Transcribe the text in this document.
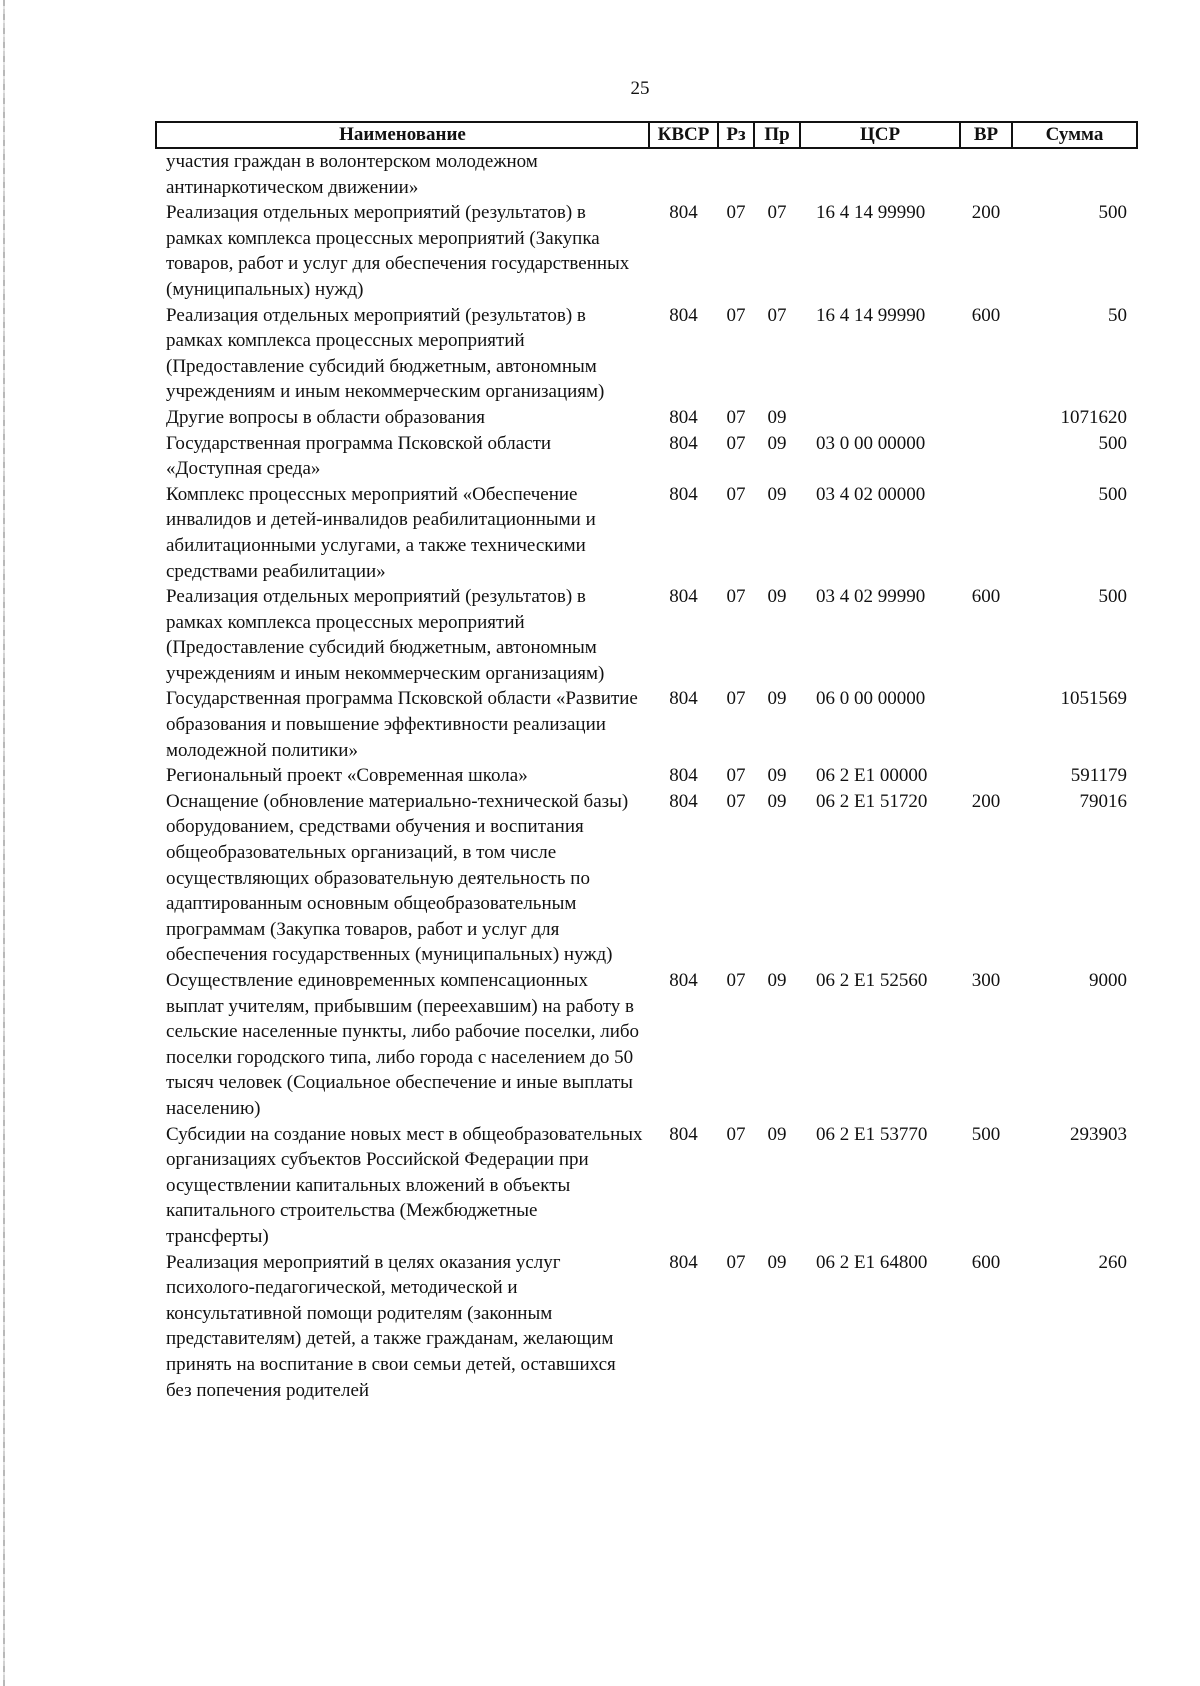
25
Наименование	КВСР	Рз	Пр	ЦСР	ВР	Сумма
участия граждан в волонтерском молодежном антинаркотическом движении»						
Реализация отдельных мероприятий (результатов) в рамках комплекса процессных мероприятий (Закупка товаров, работ и услуг для обеспечения государственных (муниципальных) нужд)	804	07	07	16 4 14 99990	200	500
Реализация отдельных мероприятий (результатов) в рамках комплекса процессных мероприятий (Предоставление субсидий бюджетным, автономным учреждениям и иным некоммерческим организациям)	804	07	07	16 4 14 99990	600	50
Другие вопросы в области образования	804	07	09			1071620
Государственная программа Псковской области «Доступная среда»	804	07	09	03 0 00 00000		500
Комплекс процессных мероприятий «Обеспечение инвалидов и детей-инвалидов реабилитационными и абилитационными услугами, а также техническими средствами реабилитации»	804	07	09	03 4 02 00000		500
Реализация отдельных мероприятий (результатов) в рамках комплекса процессных мероприятий (Предоставление субсидий бюджетным, автономным учреждениям и иным некоммерческим организациям)	804	07	09	03 4 02 99990	600	500
Государственная программа Псковской области «Развитие образования и повышение эффективности реализации молодежной политики»	804	07	09	06 0 00 00000		1051569
Региональный проект «Современная школа»	804	07	09	06 2 E1 00000		591179
Оснащение (обновление материально-технической базы) оборудованием, средствами обучения и воспитания общеобразовательных организаций, в том числе осуществляющих образовательную деятельность по адаптированным основным общеобразовательным программам (Закупка товаров, работ и услуг для обеспечения государственных (муниципальных) нужд)	804	07	09	06 2 E1 51720	200	79016
Осуществление единовременных компенсационных выплат учителям, прибывшим (переехавшим) на работу в сельские населенные пункты, либо рабочие поселки, либо поселки городского типа, либо города с населением до 50 тысяч человек (Социальное обеспечение и иные выплаты населению)	804	07	09	06 2 E1 52560	300	9000
Субсидии на создание новых мест в общеобразовательных организациях субъектов Российской Федерации при осуществлении капитальных вложений в объекты капитального строительства (Межбюджетные трансферты)	804	07	09	06 2 E1 53770	500	293903
Реализация мероприятий в целях оказания услуг психолого-педагогической, методической и консультативной помощи родителям (законным представителям) детей, а также гражданам, желающим принять на воспитание в свои семьи детей, оставшихся без попечения родителей	804	07	09	06 2 E1 64800	600	260
